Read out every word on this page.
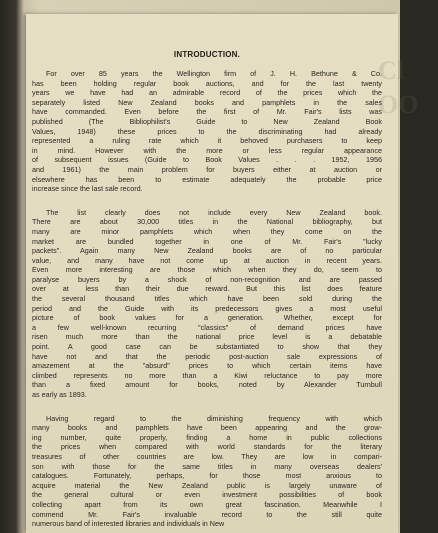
Cl
OO
INTRODUCTION.
For over 85 years the Wellington firm of J. H. Bethune & Co.
has been holding regular book auctions, and for the last twenty
years we have had an admirable record of the prices which the
separately listed New Zealand books and pamphlets in the sales
have commanded. Even before the first of Mr. Fair's lists was
published (The Bibliophilist's Guide to New Zealand Book
Values, 1948) these prices to the discriminating had already
represented a ruling rate which it behoved purchasers to keep
in mind. However with the more or less regular appearance
of subsequent issues (Guide to Book Values . . . 1952, 1956
and 1961) the main problem for buyers either at auction or
elsewhere has been to estimate adequately the probable price
increase since the last sale record.
The list clearly does not include every New Zealand book.
There are about 30,000 titles in the National bibliography, but
many are minor pamphlets which when they come on the
market are bundled together in one of Mr. Fair's "lucky
packets". Again many New Zealand books are of no particular
value, and many have not come up at auction in recent years.
Even more interesting are those which when they do, seem to
paralyse buyers by a shock of non-recognition and are passed
over at less than their due reward. But this list does feature
the several thousand titles which have been sold during the
period and the Guide with its predecessors gives a most useful
picture of book values for a generation. Whether, except for
a few well-known recurring "classics" of demand prices have
risen much more than the national price level is a debatable
point. A good case can be substantiated to show that they
have not and that the periodic post-auction sale expressions of
amazement at the "absurd" prices to which certain items have
climbed represents no more than a Kiwi reluctance to pay more
than a fixed amount for books, noted by Alexander Turnbull
as early as 1893.
Having regard to the diminishing frequency with which
many books and pamphlets have been appearing and the grow-
ing number, quite properly, finding a home in public collections
the prices when compared with world standards for the literary
treasures of other countries are low. They are low in compari-
son with those for the same titles in many overseas dealers'
catalogues. Fortunately, perhaps, for those most anxious to
acquire material the New Zealand public is largely unaware of
the general cultural or even investment possibilities of book
collecting apart from its own great fascination. Meanwhile I
commend Mr. Fair's invaluable record to the still quite
numerous band of interested libraries and individuals in New
